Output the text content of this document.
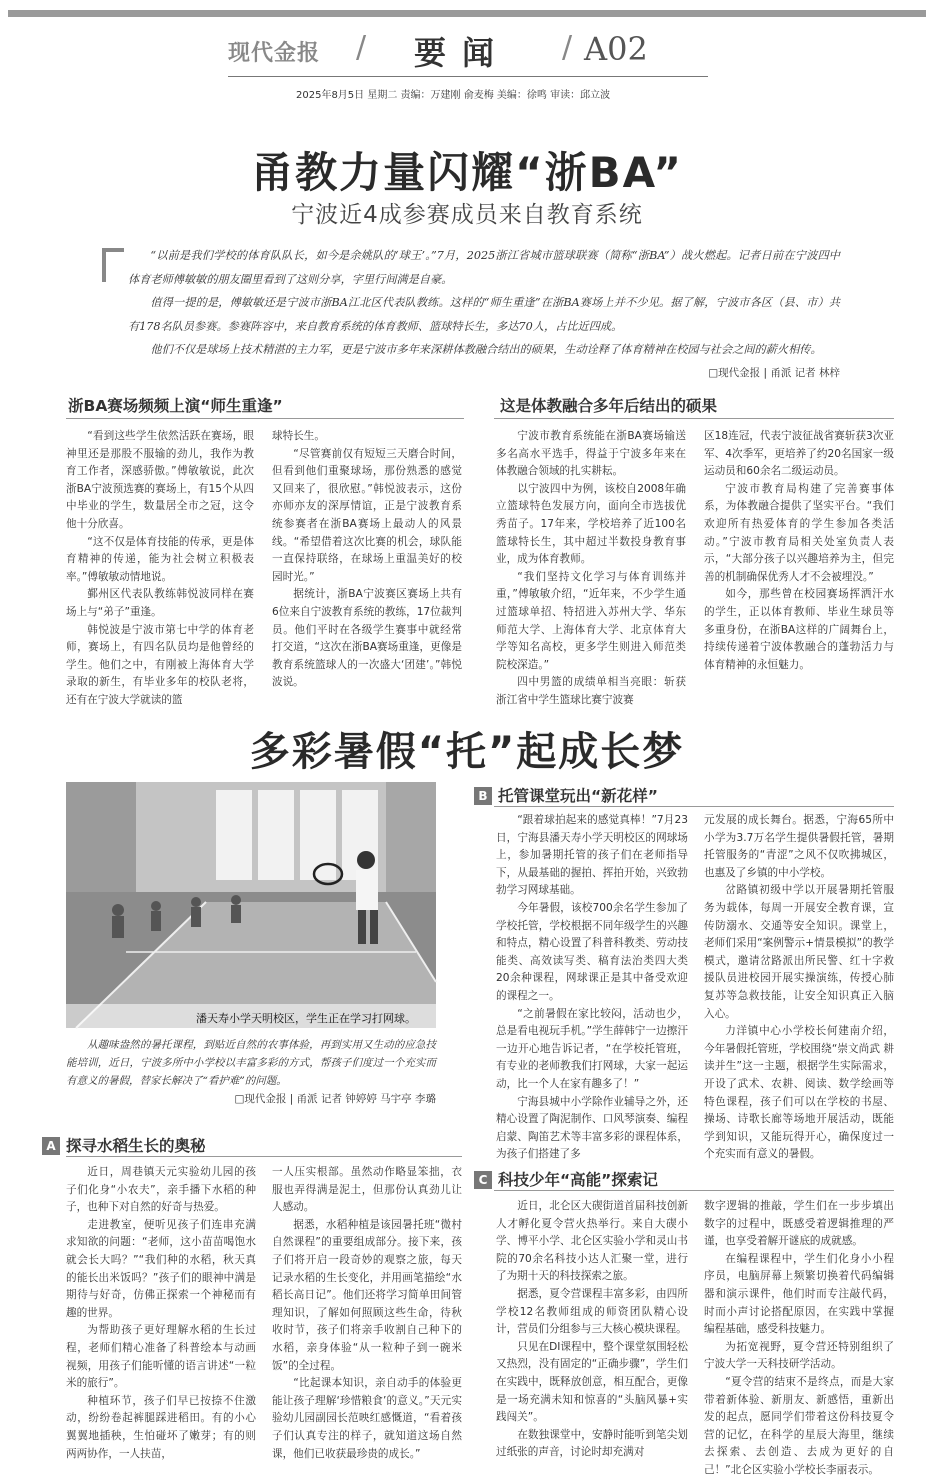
现代金报 / 要闻 / A02
2025年8月5日 星期二 责编：万建刚 俞麦梅 美编：徐鸣 审读：邱立波
甬教力量闪耀“浙BA”
宁波近4成参赛成员来自教育系统

“以前是我们学校的体育队队长，如今是余姚队的‘球王’。”7月，2025浙江省城市篮球联赛（简称“浙BA”）战火燃起。记者日前在宁波四中体育老师傅敏敏的朋友圈里看到了这则分享，字里行间满是自豪。

值得一提的是，傅敏敏还是宁波市浙BA江北区代表队教练。这样的“师生重逢”在浙BA赛场上并不少见。据了解，宁波市各区（县、市）共有178名队员参赛。参赛阵容中，来自教育系统的体育教师、篮球特长生，多达70人，占比近四成。

他们不仅是球场上技术精湛的主力军，更是宁波市多年来深耕体教融合结出的硕果，生动诠释了体育精神在校园与社会之间的薪火相传。

□现代金报 | 甬派 记者 林梓
浙BA赛场频频上演“师生重逢”

“看到这些学生依然活跃在赛场，眼神里还是那股不服输的劲儿，我作为教育工作者，深感骄傲。”傅敏敏说，此次浙BA宁波预选赛的赛场上，有15个从四中毕业的学生，数量居全市之冠，这令他十分欣喜。

“这不仅是体育技能的传承，更是体育精神的传递，能为社会树立积极表率。”傅敏敏动情地说。

鄞州区代表队教练韩悦波同样在赛场上与“弟子”重逢。

韩悦波是宁波市第七中学的体育老师，赛场上，有四名队员均是他曾经的学生。他们之中，有刚被上海体育大学录取的新生，有毕业多年的校队老将，还有在宁波大学就读的篮

球特长生。

“尽管赛前仅有短短三天磨合时间，但看到他们重聚球场，那份熟悉的感觉又回来了，很欣慰。”韩悦波表示，这份亦师亦友的深厚情谊，正是宁波教育系统参赛者在浙BA赛场上最动人的风景线。“希望借着这次比赛的机会，球队能一直保持联络，在球场上重温美好的校园时光。”

据统计，浙BA宁波赛区赛场上共有6位来自宁波教育系统的教练，17位裁判员。他们平时在各级学生赛事中就经常打交道，“这次在浙BA赛场重逢，更像是教育系统篮球人的一次盛大‘团建’。”韩悦波说。

这是体教融合多年后结出的硕果

宁波市教育系统能在浙BA赛场输送多名高水平选手，得益于宁波多年来在体教融合领域的扎实耕耘。

以宁波四中为例，该校自2008年确立篮球特色发展方向，面向全市选拔优秀苗子。17年来，学校培养了近100名篮球特长生，其中超过半数投身教育事业，成为体育教师。

“我们坚持文化学习与体育训练并重，”傅敏敏介绍，“近年来，不少学生通过篮球单招、特招进入苏州大学、华东师范大学、上海体育大学、北京体育大学等知名高校，更多学生则进入师范类院校深造。”

四中男篮的成绩单相当亮眼：斩获浙江省中学生篮球比赛宁波赛

区18连冠，代表宁波征战省赛斩获3次亚军、4次季军，更培养了约20名国家一级运动员和60余名二级运动员。

宁波市教育局构建了完善赛事体系，为体教融合提供了坚实平台。“我们欢迎所有热爱体育的学生参加各类活动。”宁波市教育局相关处室负责人表示，“大部分孩子以兴趣培养为主，但完善的机制确保优秀人才不会被埋没。”

如今，那些曾在校园赛场挥洒汗水的学生，正以体育教师、毕业生球员等多重身份，在浙BA这样的广阔舞台上，持续传递着宁波体教融合的蓬勃活力与体育精神的永恒魅力。

多彩暑假“托”起成长梦
潘天寿小学天明校区，学生正在学习打网球。

从趣味盎然的暑托课程，到贴近自然的农事体验，再到实用又生动的应急技能培训，近日，宁波多所中小学校以丰富多彩的方式，帮孩子们度过一个充实而有意义的暑假，替家长解决了“看护难”的问题。

□现代金报 | 甬派 记者 钟婷婷 马宇亭 李璐
A 探寻水稻生长的奥秘

近日，周巷镇天元实验幼儿园的孩子们化身“小农夫”，亲手播下水稻的种子，也种下对自然的好奇与热爱。

走进教室，便听见孩子们连串充满求知欲的问题：“老师，这小苗苗喝饱水就会长大吗？”“我们种的水稻，秋天真的能长出米饭吗？”孩子们的眼神中满是期待与好奇，仿佛正探索一个神秘而有趣的世界。

为帮助孩子更好理解水稻的生长过程，老师们精心准备了科普绘本与动画视频，用孩子们能听懂的语言讲述“一粒米的旅行”。

种植环节，孩子们早已按捺不住激动，纷纷卷起裤腿踩进稻田。有的小心翼翼地插秧，生怕碰坏了嫩芽；有的则两两协作，一人扶苗，

一人压实根部。虽然动作略显笨拙，衣服也弄得满是泥土，但那份认真劲儿让人感动。

据悉，水稻种植是该园暑托班“微村自然课程”的重要组成部分。接下来，孩子们将开启一段奇妙的观察之旅，每天记录水稻的生长变化，并用画笔描绘“水稻长高日记”。他们还将学习简单田间管理知识，了解如何照顾这些生命，待秋收时节，孩子们将亲手收割自己种下的水稻，亲身体验“从一粒种子到一碗米饭”的全过程。

“比起课本知识，亲自动手的体验更能让孩子理解‘珍惜粮食’的意义。”天元实验幼儿园副园长范映红感慨道，“看着孩子们认真专注的样子，就知道这场自然课，他们已收获最珍贵的成长。”

B 托管课堂玩出“新花样”

“跟着球拍起来的感觉真棒！”7月23日，宁海县潘天寿小学天明校区的网球场上，参加暑期托管的孩子们在老师指导下，从最基础的握拍、挥拍开始，兴致勃勃学习网球基础。

今年暑假，该校700余名学生参加了学校托管，学校根据不同年级学生的兴趣和特点，精心设置了科普科教类、劳动技能类、高效读写类、稿育法治类四大类20余种课程，网球课正是其中备受欢迎的课程之一。

“之前暑假在家比较闷，活动也少，总是看电视玩手机。”学生薛韩宁一边擦汗一边开心地告诉记者，“在学校托管班，有专业的老师教我们打网球，大家一起运动，比一个人在家有趣多了！”

宁海县城中小学除作业辅导之外，还精心设置了陶泥制作、口风琴演奏、编程启蒙、陶笛艺术等丰富多彩的课程体系，为孩子们搭建了多

元发展的成长舞台。据悉，宁海65所中小学为3.7万名学生提供暑假托管，暑期托管服务的“青涩”之风不仅吹拂城区，也惠及了乡镇的中小学校。

岔路镇初级中学以开展暑期托管服务为载体，每周一开展安全教育课，宣传防溺水、交通等安全知识。课堂上，老师们采用“案例警示+情景模拟”的教学模式，邀请岔路派出所民警、红十字救援队员进校园开展实操演练，传授心肺复苏等急救技能，让安全知识真正入脑入心。

力洋镇中心小学校长何建南介绍，今年暑假托管班，学校围绕“崇文尚武 耕读并生”这一主题，根据学生实际需求，开设了武术、农耕、阅读、数学绘画等特色课程，孩子们可以在学校的书屋、操场、诗歌长廊等场地开展活动，既能学到知识，又能玩得开心，确保度过一个充实而有意义的暑假。

C 科技少年“高能”探索记

近日，北仑区大碶街道首届科技创新人才孵化夏令营火热举行。来自大碶小学、博平小学、北仑区实验小学和灵山书院的70余名科技小达人汇聚一堂，进行了为期十天的科技探索之旅。

据悉，夏令营课程丰富多彩，由四所学校12名教师组成的师资团队精心设计，营员们分组参与三大核心模块课程。

只见在DI课程中，整个课堂氛围轻松又热烈，没有固定的“正确步骤”，学生们在实践中，既释放创意，相互配合，更像是一场充满未知和惊喜的“头脑风暴+实践闯关”。

在数独课堂中，安静时能听到笔尖划过纸张的声音，讨论时却充满对

数字逻辑的推敲，学生们在一步步填出数字的过程中，既感受着逻辑推理的严谨，也享受着解开谜底的成就感。

在编程课程中，学生们化身小小程序员，电脑屏幕上频繁切换着代码编辑器和演示课件，他们时而专注敲代码，时而小声讨论搭配原因，在实践中掌握编程基础，感受科技魅力。

为拓宽视野，夏令营还特别组织了宁波大学一天科技研学活动。

“夏令营的结束不是终点，而是大家带着新体验、新朋友、新感悟，重新出发的起点，愿同学们带着这份科技夏令营的记忆，在科学的星辰大海里，继续去探索、去创造、去成为更好的自己！”北仑区实验小学校长李丽表示。
